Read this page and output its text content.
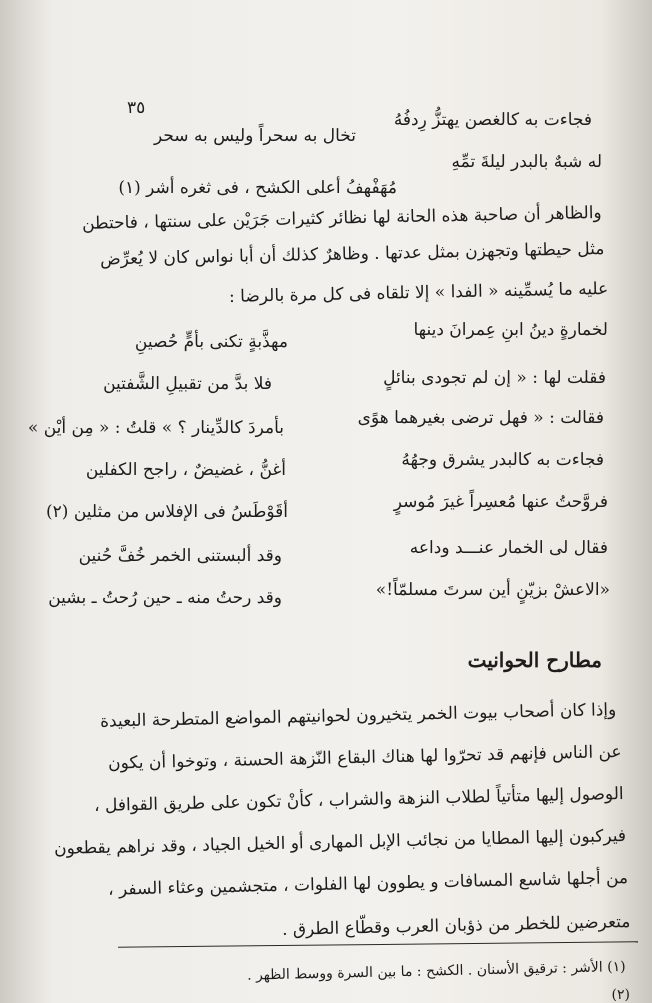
٣٥
فجاءت به كالغصن يهتزُّ رِدفُهُ
تخال به سحراً وليس به سحر
له شبهٌ بالبدر ليلةَ تمِّهِ
مُهَفْهفُ أعلى الكشح ، فى ثغره أشر (١)
والظاهر أن صاحبة هذه الحانة لها نظائر كثيرات جَرَيْن على سنتها ، فاحتطن
مثل حيطتها وتجهزن بمثل عدتها . وظاهرٌ كذلك أن أبا نواس كان لا يُعرِّض
عليه ما يُسمِّينه « الفدا » إلا تلقاه فى كل مرة بالرضا :
لخمارةٍ دينُ ابنِ عِمرانَ دينها
مهذَّبةٍ تكنى بأمٍّ حُصينِ
فقلت لها : « إن لم تجودى بنائلٍ
فلا بدَّ من تقبيلِ الشَّفتين
فقالت : « فهل ترضى بغيرهما هوًى
بأمردَ كالدِّينار ؟ » قلتُ : « مِن أيْن »
فجاءت به كالبدر يشرق وجهُهُ
أغنُّ ، غضيضٌ ، راجح الكفلين
فروَّحتُ عنها مُعسِراً غيرَ مُوسرٍ
أقَوْطَسُ فى الإفلاس من مثلين (٢)
فقال لى الخمار عنـــد وداعه
وقد ألبستنى الخمر خُفَّ حُنين
«الاعشْ بزيّنٍ أين سرتَ مسلمّاً!»
وقد رحتُ منه ـ حين رُحتُ ـ بشين
مطارح الحوانيت
وإذا كان أصحاب بيوت الخمر يتخيرون لحوانيتهم المواضع المتطرحة البعيدة
عن الناس فإنهم قد تحرّوا لها هناك البقاع النّزهة الحسنة ، وتوخوا أن يكون
الوصول إليها متأتياً لطلاب النزهة والشراب ، كأنْ تكون على طريق القوافل ،
فيركبون إليها المطايا من نجائب الإبل المهارى أو الخيل الجياد ، وقد نراهم يقطعون
من أجلها شاسع المسافات و يطوون لها الفلوات ، متجشمين وعثاء السفر ،
متعرضين للخطر من ذؤبان العرب وقطّاع الطرق .
(١) الأشر : ترقيق الأسنان . الكشح : ما بين السرة ووسط الظهر .
(٢)
